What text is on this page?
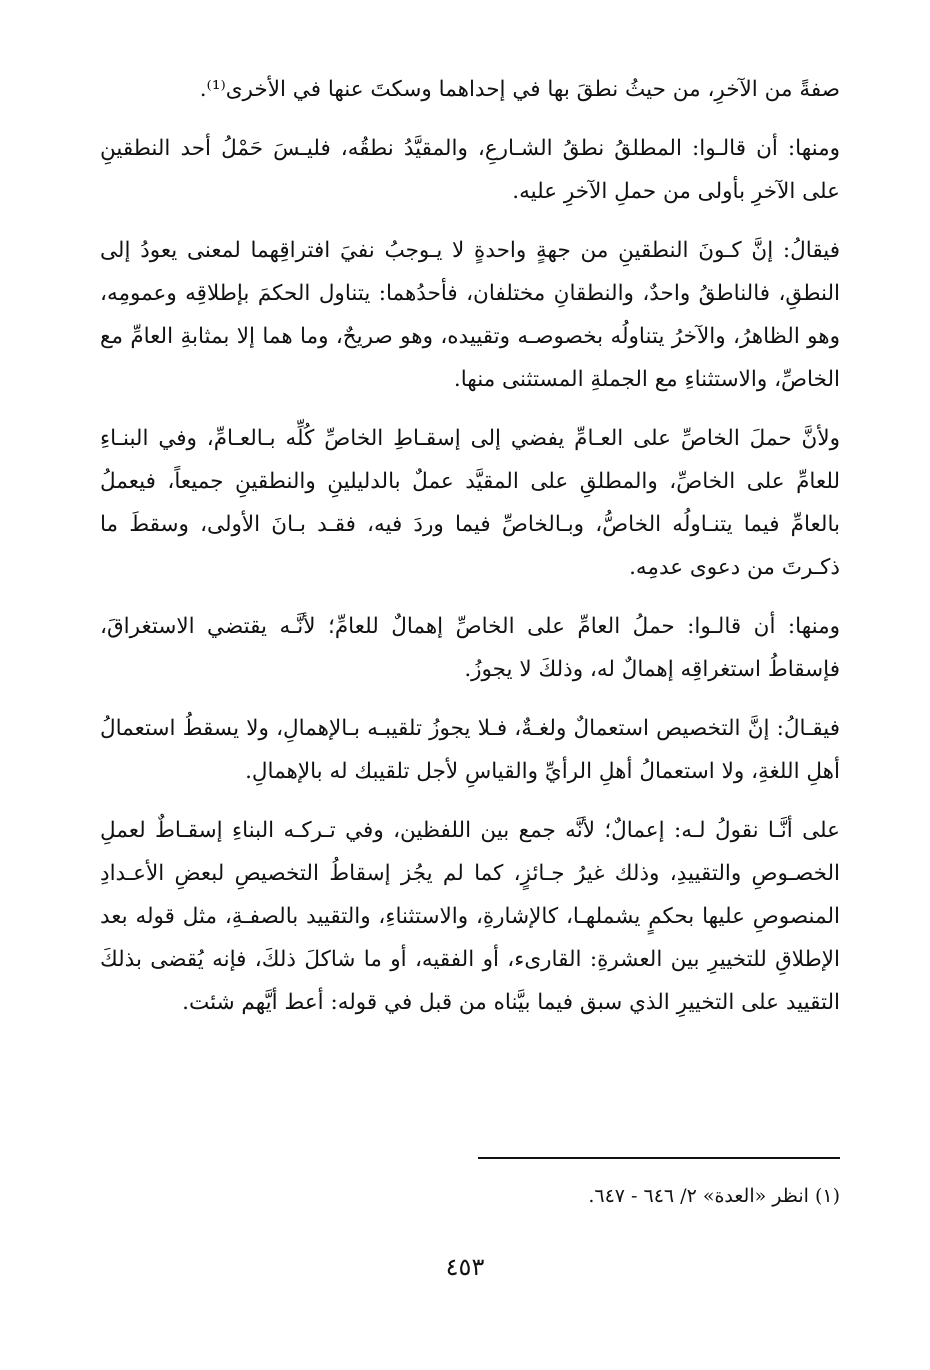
صفةً من الآخرِ، من حيثُ نطقَ بها في إحداهما وسكتَ عنها في الأخرى⁽¹⁾.

ومنها: أن قالـوا: المطلقُ نطقُ الشـارعِ، والمقيَّدُ نطقُه، فليـسَ حَمْلُ أحد النطقينِ على الآخرِ بأولى من حملِ الآخرِ عليه.

فيقالُ: إنَّ كـونَ النطقينِ من جهةٍ واحدةٍ لا يـوجبُ نفيَ افتراقِهما لمعنى يعودُ إلى النطقِ، فالناطقُ واحدٌ، والنطقانِ مختلفان، فأحدُهما: يتناول الحكمَ بإطلاقِه وعمومِه، وهو الظاهرُ، والآخرُ يتناولُه بخصوصـه وتقييده، وهو صريحٌ، وما هما إلا بمثابةِ العامِّ مع الخاصِّ، والاستثناءِ مع الجملةِ المستثنى منها.

ولأنَّ حملَ الخاصِّ على العـامِّ يفضي إلى إسقـاطِ الخاصِّ كُلِّه بـالعـامِّ، وفي البنـاءِ للعامِّ على الخاصِّ، والمطلقِ على المقيَّد عملٌ بالدليلينِ والنطقينِ جميعاً، فيعملُ بالعامِّ فيما يتنـاولُه الخاصُّ، وبـالخاصِّ فيما وردَ فيه، فقـد بـانَ الأولى، وسقطَ ما ذكـرتَ من دعوى عدمِه.

ومنها: أن قالـوا: حملُ العامِّ على الخاصِّ إهمالٌ للعامِّ؛ لأنَّـه يقتضي الاستغراقَ، فإسقاطُ استغراقِه إهمالٌ له، وذلكَ لا يجوزُ.

فيقـالُ: إنَّ التخصيص استعمالٌ ولغـةٌ، فـلا يجوزُ تلقيبـه بـالإهمالِ، ولا يسقطُ استعمالُ أهلِ اللغةِ، ولا استعمالُ أهلِ الرأيِّ والقياسِ لأجل تلقيبك له بالإهمالِ.

على أنَّـا نقولُ لـه: إعمالٌ؛ لأنَّه جمع بين اللفظين، وفي تـركـه البناءِ إسقـاطٌ لعملِ الخصـوصِ والتقييدِ، وذلك غيرُ جـائزٍ، كما لم يجُز إسقاطُ التخصيصِ لبعضِ الأعـدادِ المنصوصِ عليها بحكمٍ يشملهـا، كالإشارةِ، والاستثناءِ، والتقييد بالصفـةِ، مثل قوله بعد الإطلاقِ للتخييرِ بين العشرةِ: القارىء، أو الفقيه، أو ما شاكلَ ذلكَ، فإنه يُقضى بذلكَ التقييد على التخييرِ الذي سبق فيما بيَّناه من قبل في قوله: أعط أيَّهم شئت.

(١) انظر «العدة» ٢/ ٦٤٦ - ٦٤٧.
٤٥٣
